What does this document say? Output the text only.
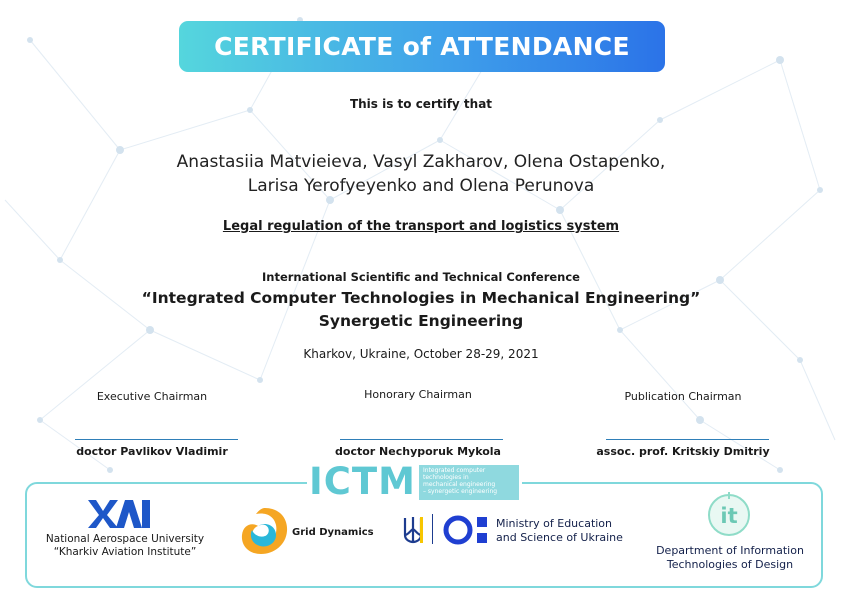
CERTIFICATE of ATTENDANCE
This is to certify that
Anastasiia Matvieieva, Vasyl Zakharov, Olena Ostapenko,
Larisa Yerofyeyenko and Olena Perunova
Legal regulation of the transport and logistics system
International Scientific and Technical Conference
“Integrated Computer Technologies in Mechanical Engineering”
Synergetic Engineering
Kharkov, Ukraine, October 28-29, 2021
Executive Chairman	Honorary Chairman	Publication Chairman
doctor Pavlikov Vladimir	doctor Nechyporuk Mykola	assoc. prof. Kritskiy Dmitriy
ICTM	Integrated computer
technologies in
mechanical engineering
– synergetic engineering
National Aerospace University
“Kharkiv Aviation Institute”
Grid Dynamics
Ministry of Education
and Science of Ukraine
it
Department of Information
Technologies of Design
